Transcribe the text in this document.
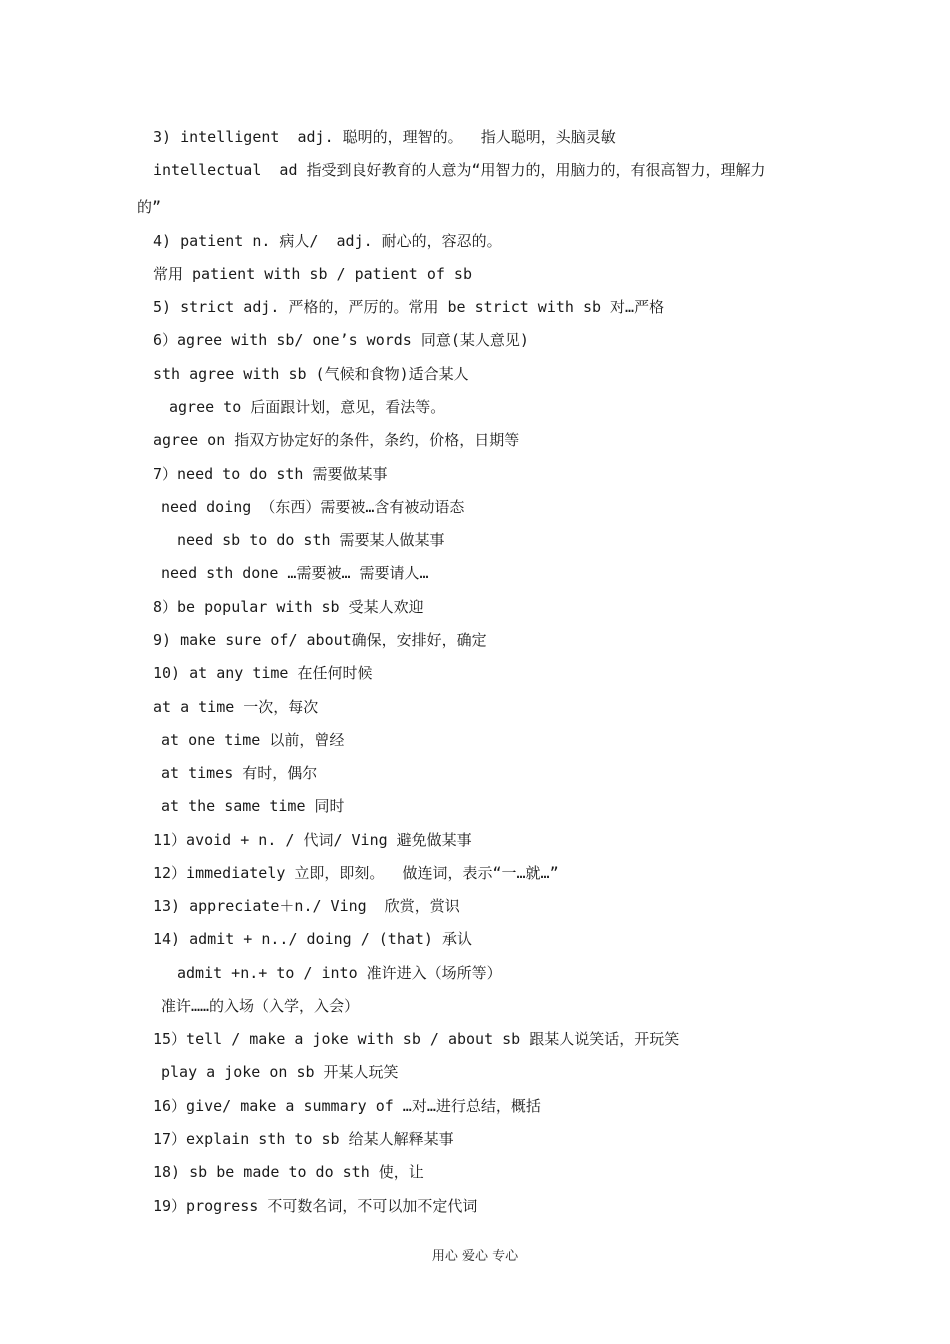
3) intelligent  adj. 聪明的，理智的。  指人聪明，头脑灵敏
intellectual  ad 指受到良好教育的人意为“用智力的，用脑力的，有很高智力，理解力
的”
4) patient n. 病人/  adj. 耐心的，容忍的。
常用 patient with sb / patient of sb
5) strict adj. 严格的，严厉的。常用 be strict with sb 对…严格
6）agree with sb/ one’s words 同意(某人意见)
sth agree with sb (气候和食物)适合某人
agree to 后面跟计划，意见，看法等。
agree on 指双方协定好的条件，条约，价格，日期等
7）need to do sth 需要做某事
need doing （东西）需要被…含有被动语态
need sb to do sth 需要某人做某事
need sth done …需要被… 需要请人…
8）be popular with sb 受某人欢迎
9) make sure of/ about确保，安排好，确定
10) at any time 在任何时候
at a time 一次，每次
at one time 以前，曾经
at times 有时，偶尔
at the same time 同时
11）avoid + n. / 代词/ Ving 避免做某事
12）immediately 立即，即刻。  做连词，表示“一…就…”
13) appreciate＋n./ Ving  欣赏，赏识
14) admit + n../ doing / (that) 承认
admit +n.+ to / into 准许进入（场所等）
准许……的入场（入学，入会）
15）tell / make a joke with sb / about sb 跟某人说笑话，开玩笑
play a joke on sb 开某人玩笑
16）give/ make a summary of …对…进行总结，概括
17）explain sth to sb 给某人解释某事
18) sb be made to do sth 使，让
19）progress 不可数名词，不可以加不定代词
用心 爱心 专心
